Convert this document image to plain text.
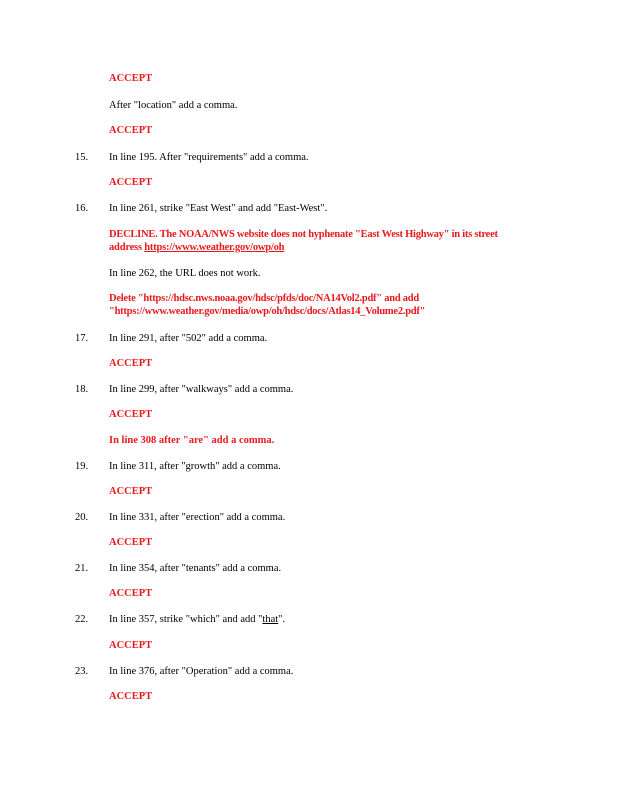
ACCEPT
After "location" add a comma.
ACCEPT
15. In line 195. After "requirements" add a comma.
ACCEPT
16. In line 261, strike "East West" and add "East-West".
DECLINE. The NOAA/NWS website does not hyphenate "East West Highway" in its street
address https://www.weather.gov/owp/oh
In line 262, the URL does not work.
Delete "https://hdsc.nws.noaa.gov/hdsc/pfds/doc/NA14Vol2.pdf" and add
"https://www.weather.gov/media/owp/oh/hdsc/docs/Atlas14_Volume2.pdf"
17. In line 291, after "502" add a comma.
ACCEPT
18. In line 299, after "walkways" add a comma.
ACCEPT
In line 308 after "are" add a comma.
19. In line 311, after "growth" add a comma.
ACCEPT
20. In line 331, after "erection" add a comma.
ACCEPT
21. In line 354, after "tenants" add a comma.
ACCEPT
22. In line 357, strike "which" and add "that".
ACCEPT
23. In line 376, after "Operation" add a comma.
ACCEPT
